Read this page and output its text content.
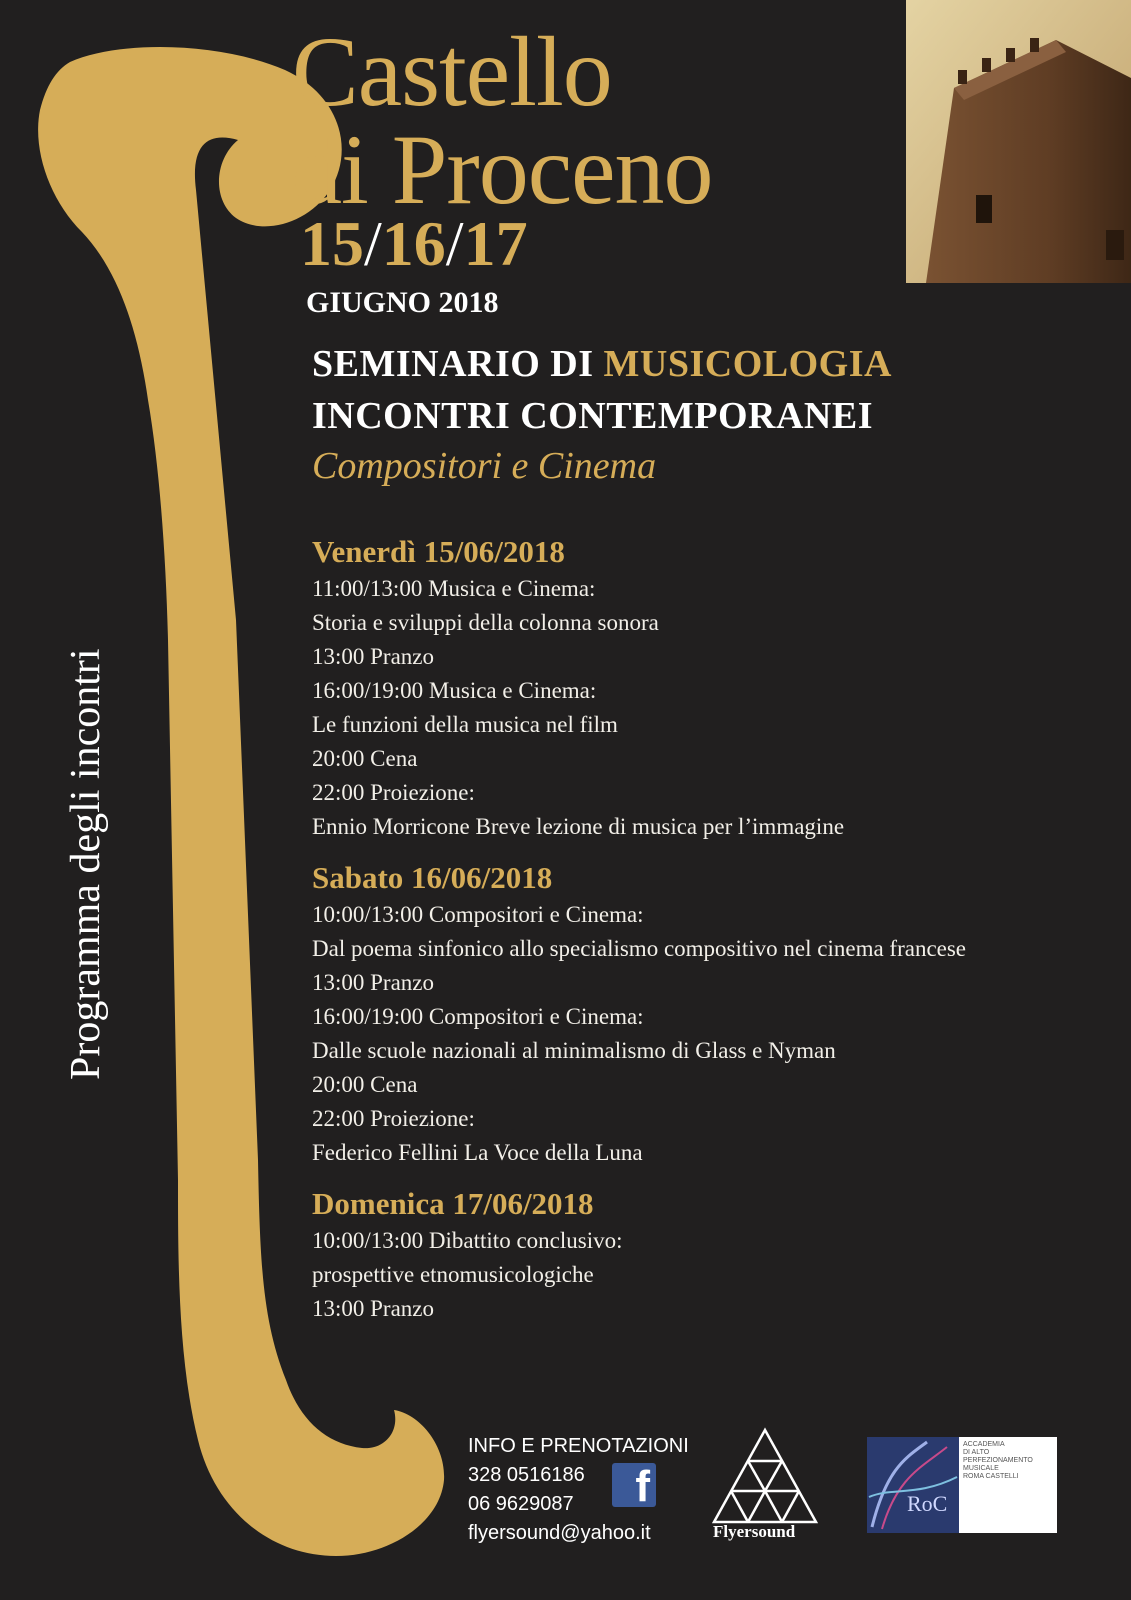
Castello
di Proceno
15/16/17
GIUGNO 2018
SEMINARIO DI MUSICOLOGIA
INCONTRI CONTEMPORANEI
Compositori e Cinema
Programma degli incontri
Venerdì 15/06/2018
11:00/13:00 Musica e Cinema:
Storia e sviluppi della colonna sonora
13:00 Pranzo
16:00/19:00 Musica e Cinema:
Le funzioni della musica nel film
20:00 Cena
22:00 Proiezione:
Ennio Morricone Breve lezione di musica per l’immagine
Sabato 16/06/2018
10:00/13:00 Compositori e Cinema:
Dal poema sinfonico allo specialismo compositivo nel cinema francese
13:00 Pranzo
16:00/19:00 Compositori e Cinema:
Dalle scuole nazionali al minimalismo di Glass e Nyman
20:00 Cena
22:00 Proiezione:
Federico Fellini La Voce della Luna
Domenica 17/06/2018
10:00/13:00 Dibattito conclusivo:
prospettive etnomusicologiche
13:00 Pranzo
INFO E PRENOTAZIONI
328 0516186
06 9629087
flyersound@yahoo.it
f
Flyersound
RoC
ACCADEMIA
DI ALTO
PERFEZIONAMENTO
MUSICALE
ROMA CASTELLI
